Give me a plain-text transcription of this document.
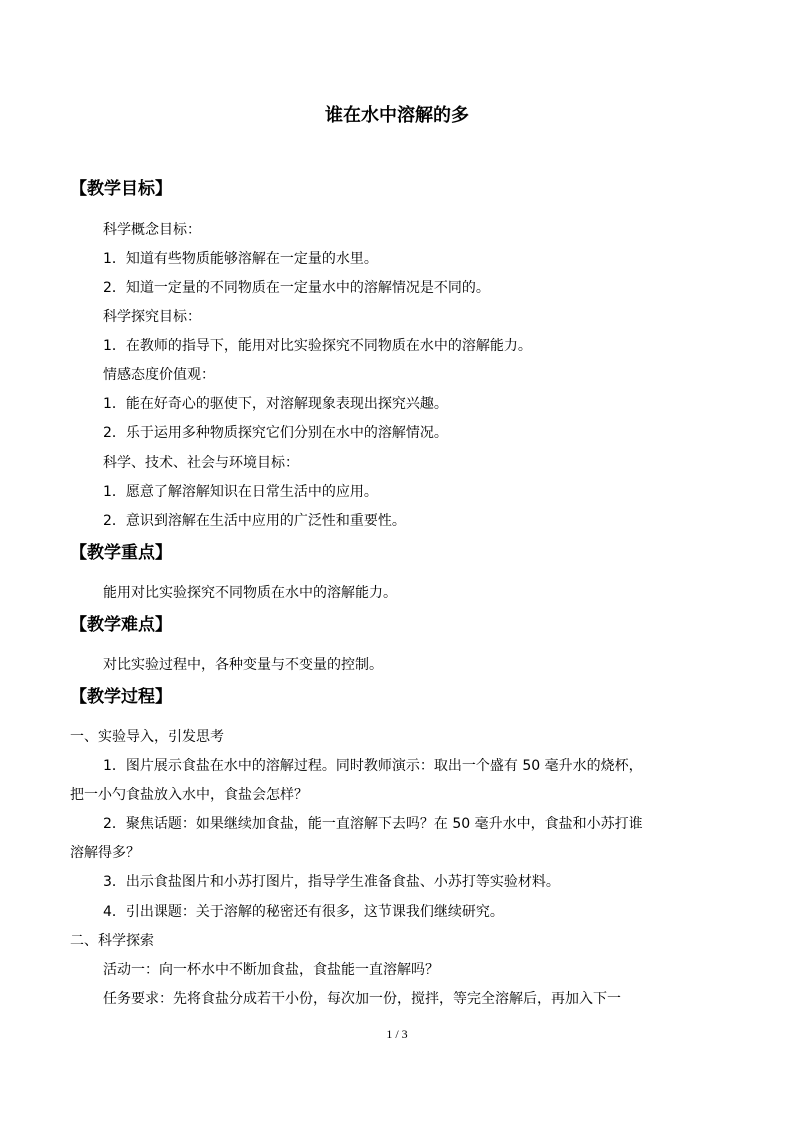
谁在水中溶解的多
【教学目标】
科学概念目标：
1．知道有些物质能够溶解在一定量的水里。
2．知道一定量的不同物质在一定量水中的溶解情况是不同的。
科学探究目标：
1．在教师的指导下，能用对比实验探究不同物质在水中的溶解能力。
情感态度价值观：
1．能在好奇心的驱使下，对溶解现象表现出探究兴趣。
2．乐于运用多种物质探究它们分别在水中的溶解情况。
科学、技术、社会与环境目标：
1．愿意了解溶解知识在日常生活中的应用。
2．意识到溶解在生活中应用的广泛性和重要性。
【教学重点】
能用对比实验探究不同物质在水中的溶解能力。
【教学难点】
对比实验过程中，各种变量与不变量的控制。
【教学过程】
一、实验导入，引发思考
1．图片展示食盐在水中的溶解过程。同时教师演示：取出一个盛有 50 毫升水的烧杯，
把一小勺食盐放入水中，食盐会怎样？
2．聚焦话题：如果继续加食盐，能一直溶解下去吗？在 50 毫升水中，食盐和小苏打谁
溶解得多？
3．出示食盐图片和小苏打图片，指导学生准备食盐、小苏打等实验材料。
4．引出课题：关于溶解的秘密还有很多，这节课我们继续研究。
二、科学探索
活动一：向一杯水中不断加食盐，食盐能一直溶解吗？
任务要求：先将食盐分成若干小份，每次加一份，搅拌，等完全溶解后，再加入下一
1 / 3
